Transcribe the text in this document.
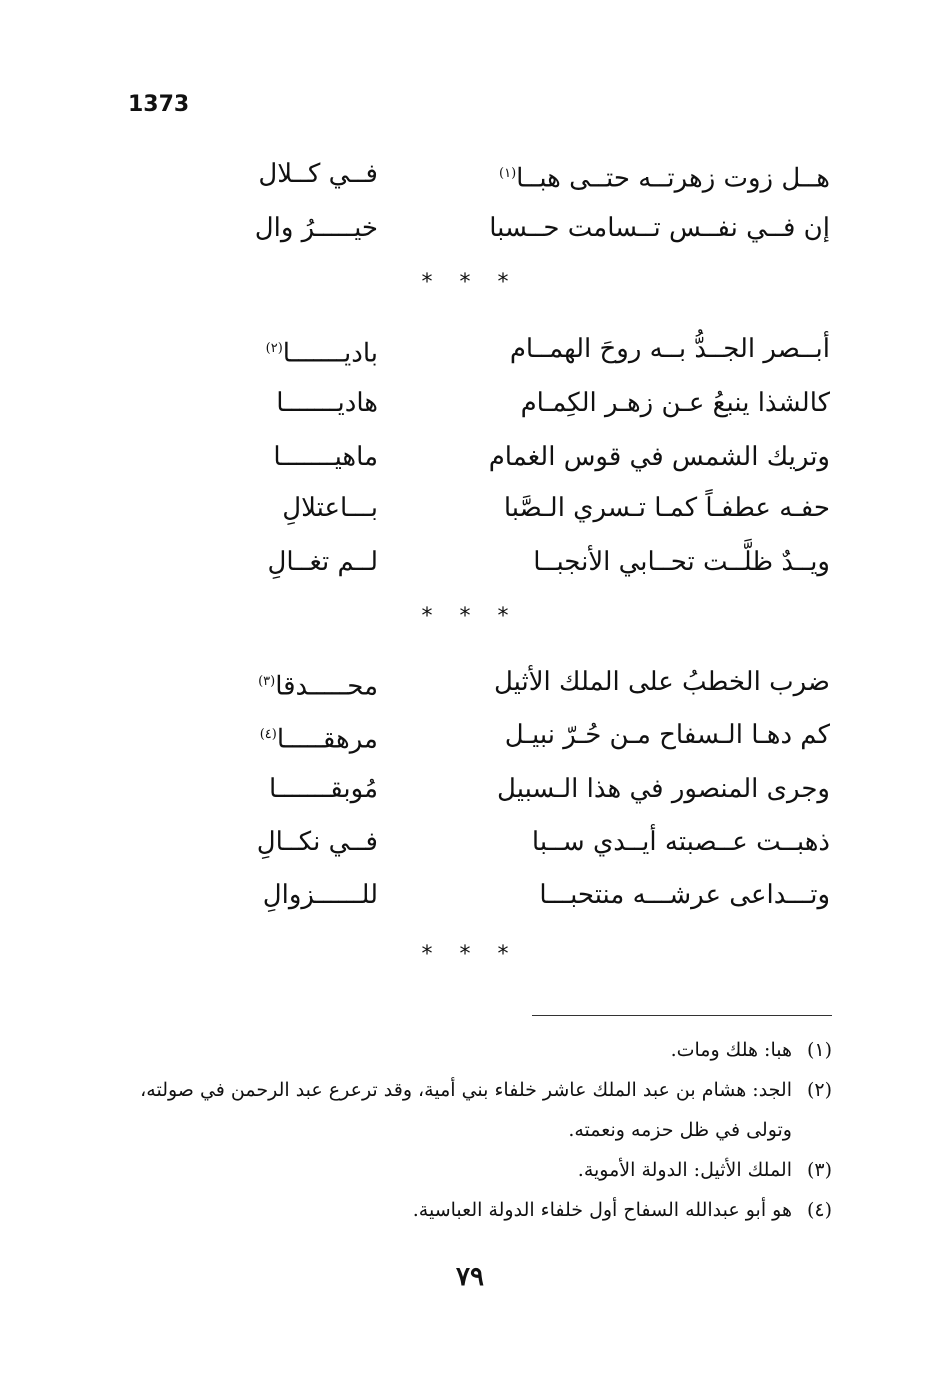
1373
هــل زوت زهرتــه حتــى هبــا$^{(١)}$
فــي كــلال
إن فــي نفــس تــسامت حــسبا
خيـــــرُ وال
* * *
أبــصر الجــدُّ بــه روحَ الهمــام
باديـــــــا$^{(٢)}$
كالشذا ينبعُ عـن زهـر الكِمـام
هاديـــــــا
وتريك الشمس في قوس الغمام
ماهيـــــــا
حفـه عطفـاً كمـا تـسري الـصَّبا
بـــاعتلالِ
ويــدٌ ظلَّــت تحــابي الأنجبــا
لــم تغــالِ
* * *
ضرب الخطبُ على الملك الأثيل
محـــــدقا$^{(٣)}$
كم دهـا الـسفاح مـن حُـرّ نبيـل
مرهقـــــا$^{(٤)}$
وجرى المنصور في هذا الـسبيل
مُوبقـــــــا
ذهبــت عــصبته أيــدي ســبا
فــي نكــالِ
وتـــداعى عرشـــه منتحبـــا
للــــــزوالِ
* * *
(١)
هبا: هلك ومات.
(٢)
الجد: هشام بن عبد الملك عاشر خلفاء بني أمية، وقد ترعرع عبد الرحمن في صولته، وتولى في ظل حزمه ونعمته.
(٣)
الملك الأثيل: الدولة الأموية.
(٤)
هو أبو عبدالله السفاح أول خلفاء الدولة العباسية.
٧٩
